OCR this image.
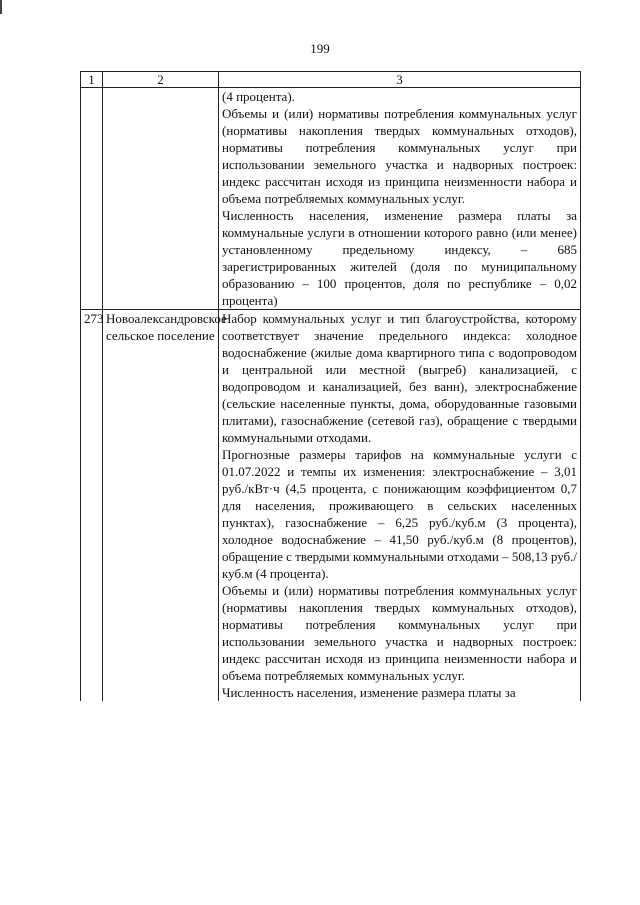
199
1	2	3

		(4 процента).

Объемы и (или) нормативы потребления коммунальных услуг (нормативы накопления твердых коммунальных отходов), нормативы потребления коммунальных услуг при использовании земельного участка и надворных построек: индекс рассчитан исходя из принципа неизменности набора и объема потребляемых коммунальных услуг.

Численность населения, изменение размера платы за коммунальные услуги в отношении которого равно (или менее) установленному предельному индексу, – 685 зарегистрированных жителей (доля по муниципальному образованию – 100 процентов, доля по республике – 0,02 процента)

273	Новоалександровское сельское поселение	Набор коммунальных услуг и тип благоустройства, которому соответствует значение предельного индекса: холодное водоснабжение (жилые дома квартирного типа с водопроводом и центральной или местной (выгреб) канализацией, с водопроводом и канализацией, без ванн), электроснабжение (сельские населенные пункты, дома, оборудованные газовыми плитами), газоснабжение (сетевой газ), обращение с твердыми коммунальными отходами.

Прогнозные размеры тарифов на коммунальные услуги с 01.07.2022 и темпы их изменения: электроснабжение – 3,01 руб./кВт·ч (4,5 процента, с понижающим коэффициентом 0,7 для населения, проживающего в сельских населенных пунктах), газоснабжение – 6,25 руб./куб.м (3 процента), холодное водоснабжение – 41,50 руб./куб.м (8 процентов), обращение с твердыми коммунальными отходами – 508,13 руб./куб.м (4 процента).

Объемы и (или) нормативы потребления коммунальных услуг (нормативы накопления твердых коммунальных отходов), нормативы потребления коммунальных услуг при использовании земельного участка и надворных построек: индекс рассчитан исходя из принципа неизменности набора и объема потребляемых коммунальных услуг.

Численность населения, изменение размера платы за
